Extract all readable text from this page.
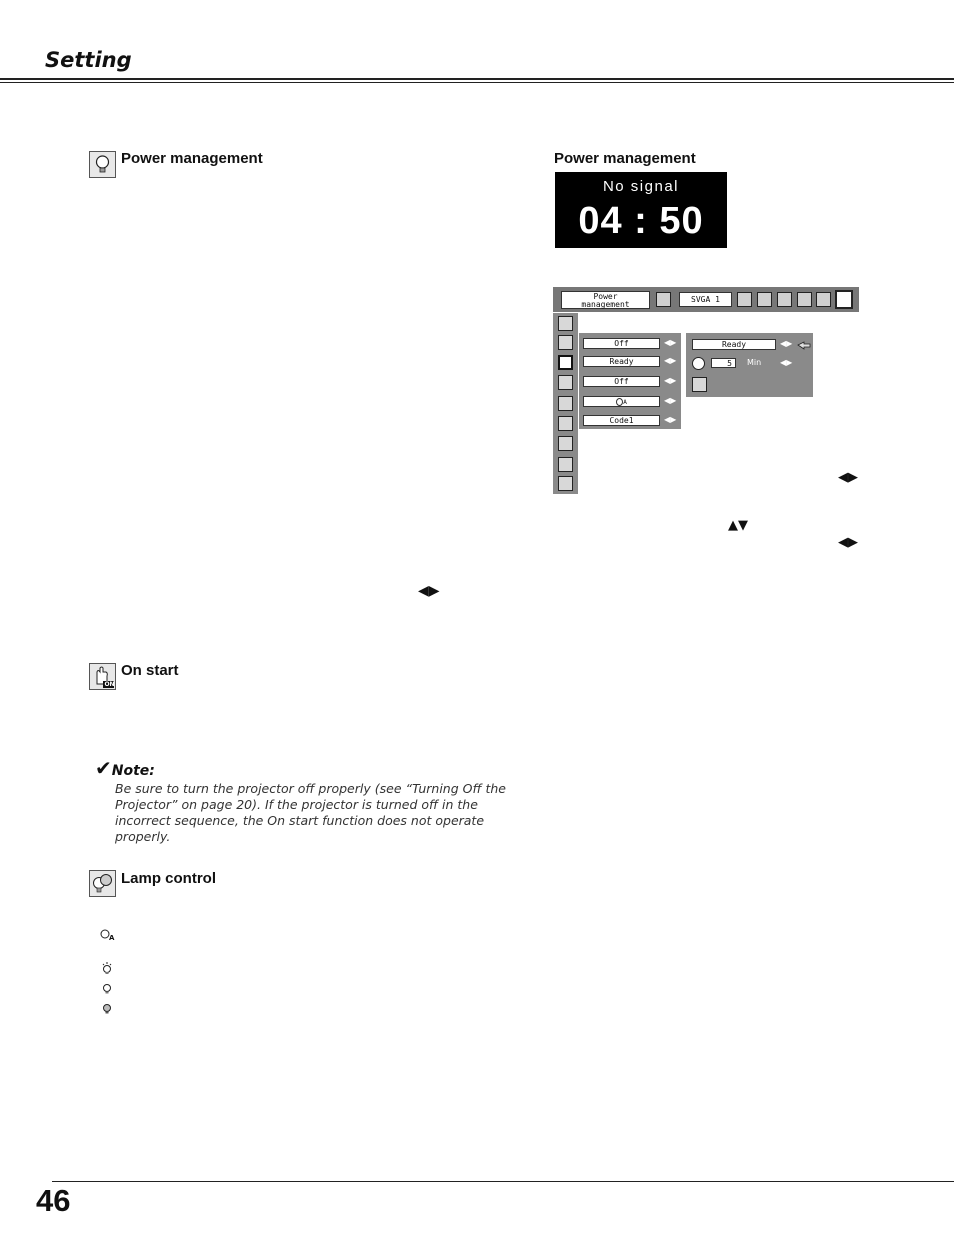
Setting
Power management	Power management
No signal
04 : 50
Power
management
SVGA 1
Off	◀▶
Ready	◀▶
Off	◀▶
A	◀▶
Code1	◀▶
Ready	◀▶
5	Min ◀▶
◀▶
▲▼
◀▶
◀▶
ON
On start
✔Note:
Be sure to turn the projector off properly (see “Turning Off the Projector” on page 20). If the projector is turned off in the incorrect sequence, the On start function does not operate properly.
Lamp control
A
46
